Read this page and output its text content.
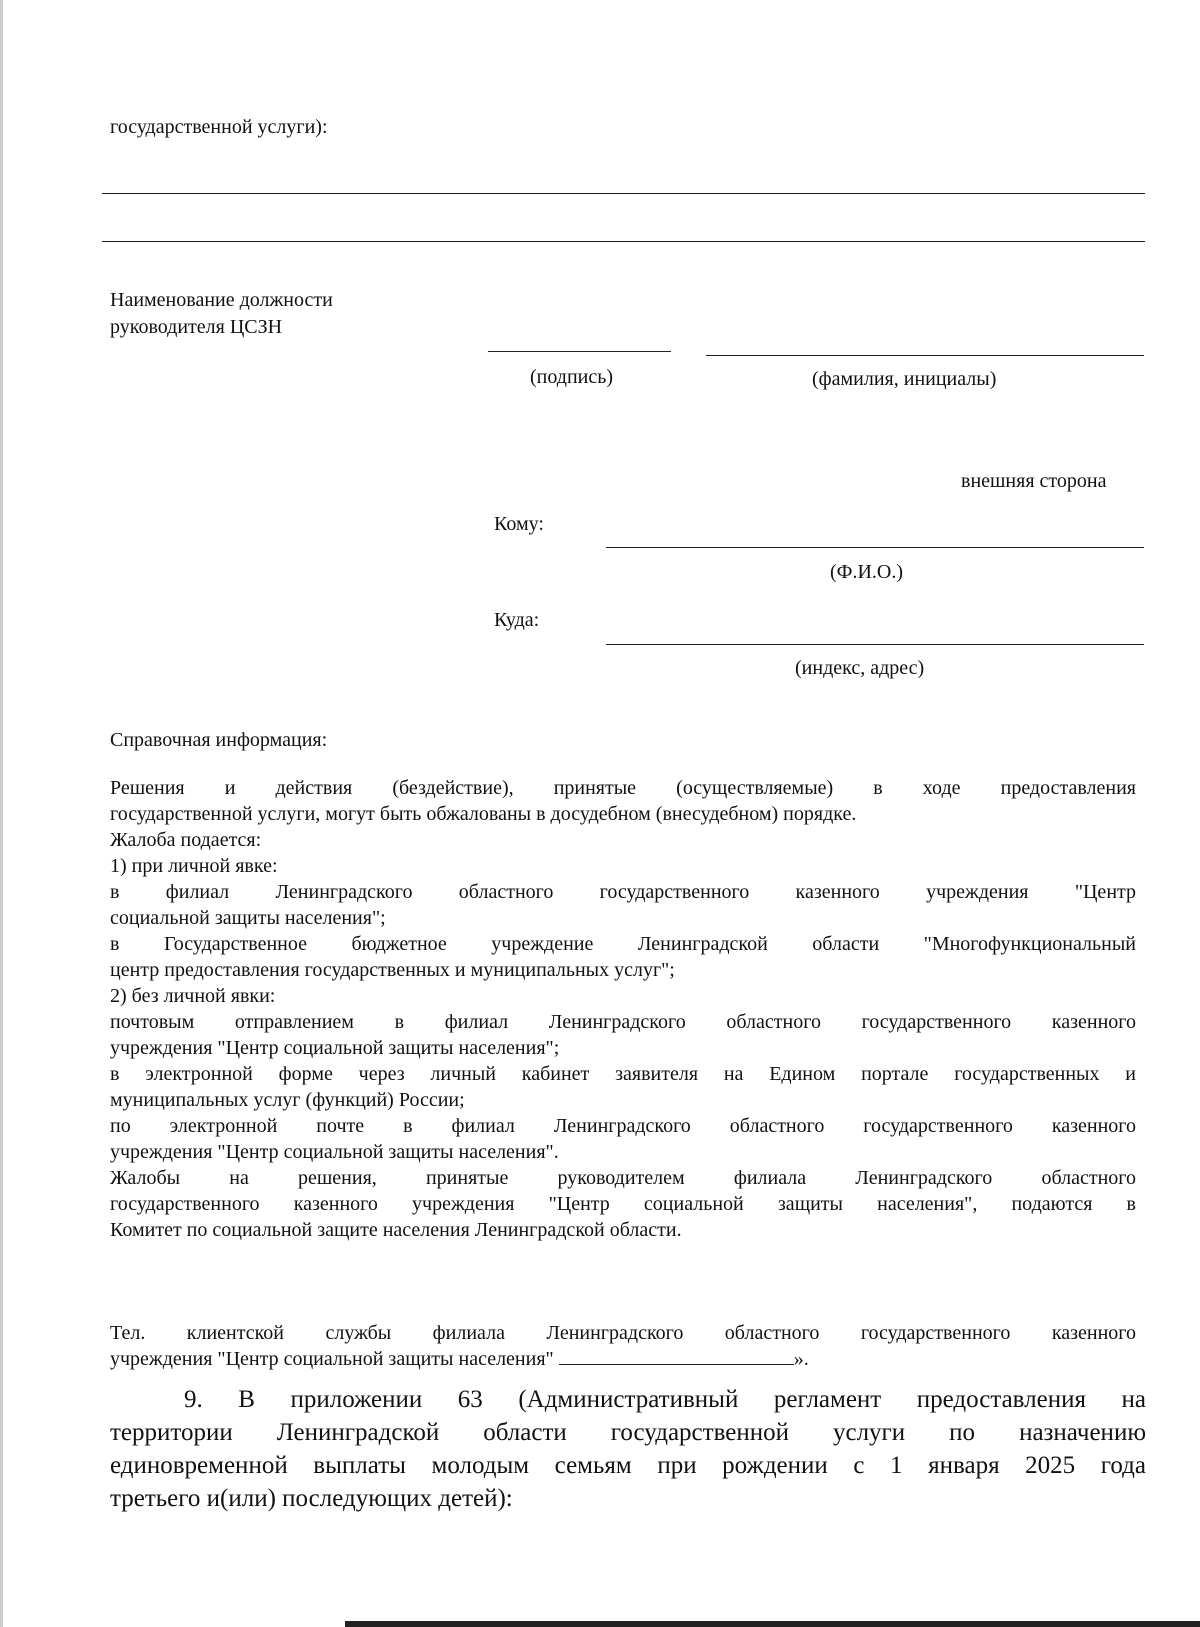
государственной услуги):
Наименование должности
руководителя ЦСЗН
(подпись)	(фамилия, инициалы)
внешняя сторона
Кому:
(Ф.И.О.)
Куда:
(индекс, адрес)
Справочная информация:
Решения и действия (бездействие), принятые (осуществляемые) в ходе предоставления
государственной услуги, могут быть обжалованы в досудебном (внесудебном) порядке.
Жалоба подается:
1) при личной явке:
в филиал Ленинградского областного государственного казенного учреждения "Центр
социальной защиты населения";
в Государственное бюджетное учреждение Ленинградской области "Многофункциональный
центр предоставления государственных и муниципальных услуг";
2) без личной явки:
почтовым отправлением в филиал Ленинградского областного государственного казенного
учреждения "Центр социальной защиты населения";
в электронной форме через личный кабинет заявителя на Едином портале государственных и
муниципальных услуг (функций) России;
по электронной почте в филиал Ленинградского областного государственного казенного
учреждения "Центр социальной защиты населения".
Жалобы на решения, принятые руководителем филиала Ленинградского областного
государственного казенного учреждения "Центр социальной защиты населения", подаются в
Комитет по социальной защите населения Ленинградской области.
Тел. клиентской службы филиала Ленинградского областного государственного казенного
учреждения "Центр социальной защиты населения"	».
9. В приложении 63 (Административный регламент предоставления на
территории Ленинградской области государственной услуги по назначению
единовременной выплаты молодым семьям при рождении с 1 января 2025 года
третьего и(или) последующих детей):
